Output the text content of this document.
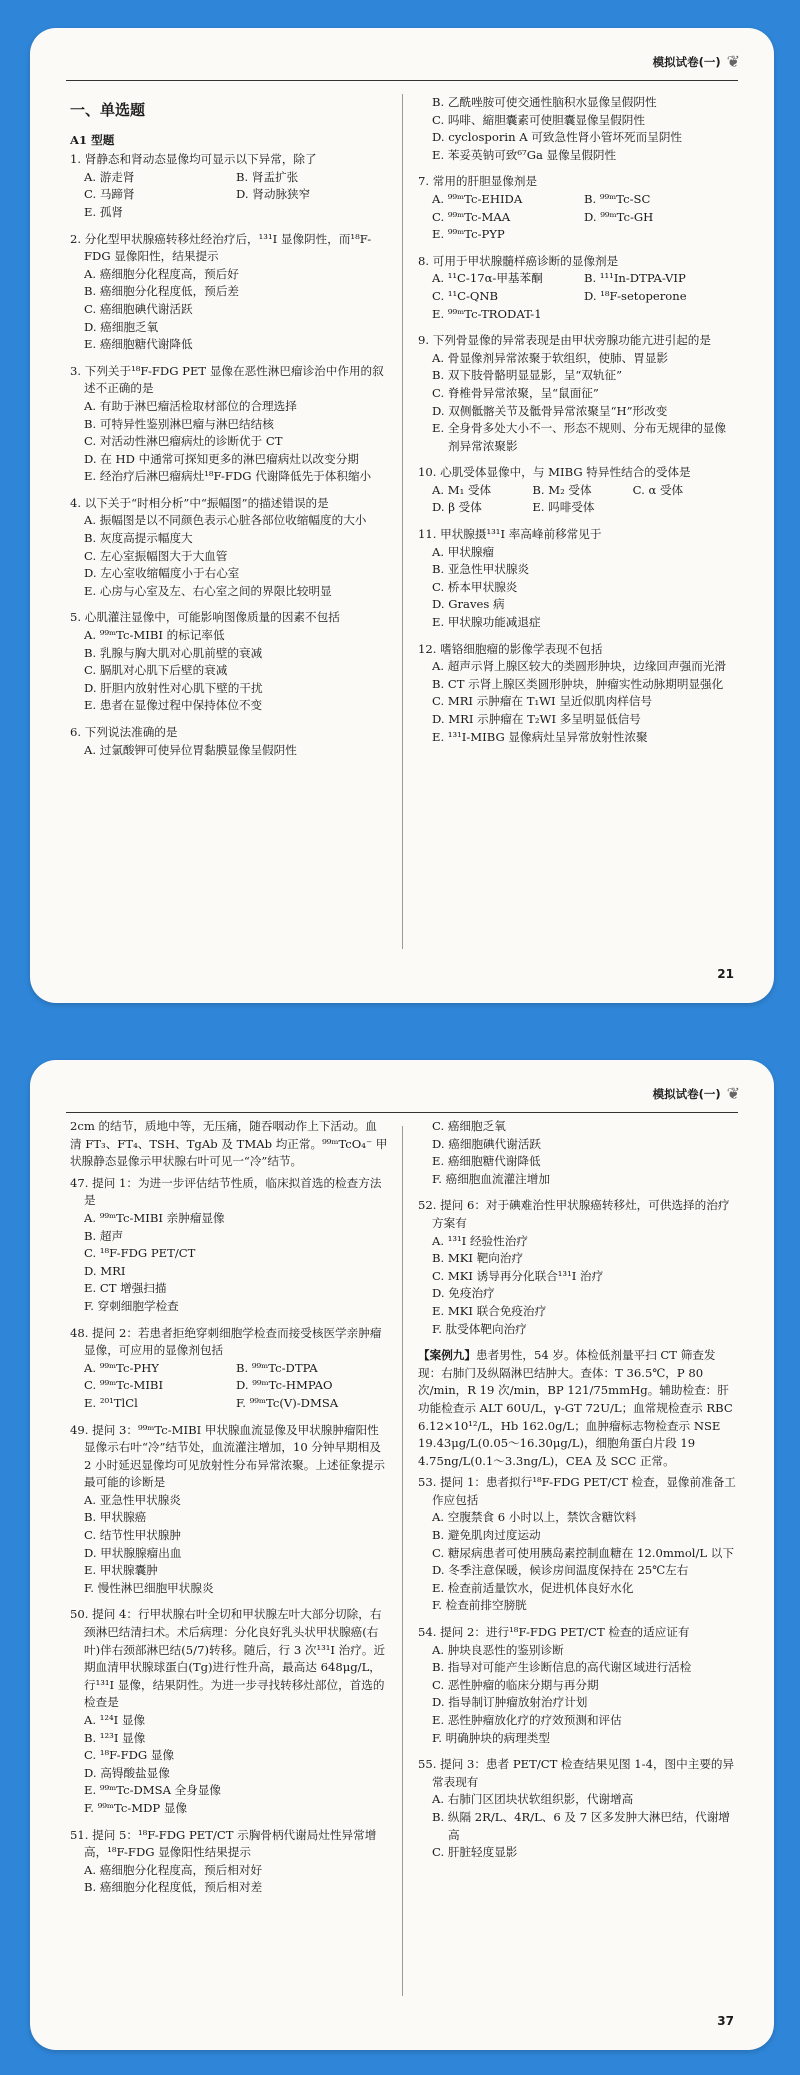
模拟试卷(一) ❦
一、单选题
A1 型题

1. 肾静态和肾动态显像均可显示以下异常，除了

A. 游走肾	B. 肾盂扩张
C. 马蹄肾	D. 肾动脉狭窄
E. 孤肾

2. 分化型甲状腺癌转移灶经治疗后，¹³¹I 显像阴性，而¹⁸F-FDG 显像阳性，结果提示

A. 癌细胞分化程度高，预后好

B. 癌细胞分化程度低，预后差

C. 癌细胞碘代谢活跃

D. 癌细胞乏氧

E. 癌细胞糖代谢降低

3. 下列关于¹⁸F-FDG PET 显像在恶性淋巴瘤诊治中作用的叙述不正确的是

A. 有助于淋巴瘤活检取材部位的合理选择

B. 可特异性鉴别淋巴瘤与淋巴结结核

C. 对活动性淋巴瘤病灶的诊断优于 CT

D. 在 HD 中通常可探知更多的淋巴瘤病灶以改变分期

E. 经治疗后淋巴瘤病灶¹⁸F-FDG 代谢降低先于体积缩小

4. 以下关于“时相分析”中“振幅图”的描述错误的是

A. 振幅图是以不同颜色表示心脏各部位收缩幅度的大小

B. 灰度高提示幅度大

C. 左心室振幅图大于大血管

D. 左心室收缩幅度小于右心室

E. 心房与心室及左、右心室之间的界限比较明显

5. 心肌灌注显像中，可能影响图像质量的因素不包括

A. ⁹⁹ᵐTc-MIBI 的标记率低

B. 乳腺与胸大肌对心肌前壁的衰减

C. 膈肌对心肌下后壁的衰减

D. 肝胆内放射性对心肌下壁的干扰

E. 患者在显像过程中保持体位不变

6. 下列说法准确的是

A. 过氯酸钾可使异位胃黏膜显像呈假阴性

B. 乙酰唑胺可使交通性脑积水显像呈假阴性

C. 吗啡、縮胆囊素可使胆囊显像呈假阴性

D. cyclosporin A 可致急性肾小管坏死而呈阴性

E. 苯妥英钠可致⁶⁷Ga 显像呈假阴性

7. 常用的肝胆显像剂是

A. ⁹⁹ᵐTc-EHIDA	B. ⁹⁹ᵐTc-SC
C. ⁹⁹ᵐTc-MAA	D. ⁹⁹ᵐTc-GH
E. ⁹⁹ᵐTc-PYP

8. 可用于甲状腺髓样癌诊断的显像剂是

A. ¹¹C-17α-甲基苯酮	B. ¹¹¹In-DTPA-VIP
C. ¹¹C-QNB	D. ¹⁸F-setoperone
E. ⁹⁹ᵐTc-TRODAT-1

9. 下列骨显像的异常表现是由甲状旁腺功能亢进引起的是

A. 骨显像剂异常浓聚于软组织，使肺、胃显影

B. 双下肢骨骼明显显影，呈“双轨征”

C. 脊椎骨异常浓聚，呈“鼠面征”

D. 双侧骶髂关节及骶骨异常浓聚呈“H”形改变

E. 全身骨多处大小不一、形态不规则、分布无规律的显像剂异常浓聚影

10. 心肌受体显像中，与 MIBG 特异性结合的受体是

A. M₁ 受体	B. M₂ 受体	C. α 受体
D. β 受体	E. 吗啡受体

11. 甲状腺摄¹³¹I 率高峰前移常见于

A. 甲状腺瘤

B. 亚急性甲状腺炎

C. 桥本甲状腺炎

D. Graves 病

E. 甲状腺功能减退症

12. 嗜铬细胞瘤的影像学表现不包括

A. 超声示肾上腺区较大的类圆形肿块，边缘回声强而光滑

B. CT 示肾上腺区类圆形肿块，肿瘤实性动脉期明显强化

C. MRI 示肿瘤在 T₁WI 呈近似肌肉样信号

D. MRI 示肿瘤在 T₂WI 多呈明显低信号

E. ¹³¹I-MIBG 显像病灶呈异常放射性浓聚

21
模拟试卷(一) ❦

2cm 的结节，质地中等，无压痛，随吞咽动作上下活动。血清 FT₃、FT₄、TSH、TgAb 及 TMAb 均正常。⁹⁹ᵐTcO₄⁻ 甲状腺静态显像示甲状腺右叶可见一“冷”结节。

47. 提问 1：为进一步评估结节性质，临床拟首选的检查方法是

A. ⁹⁹ᵐTc-MIBI 亲肿瘤显像

B. 超声

C. ¹⁸F-FDG PET/CT

D. MRI

E. CT 增强扫描

F. 穿刺细胞学检查

48. 提问 2：若患者拒绝穿刺细胞学检查而接受核医学亲肿瘤显像，可应用的显像剂包括

A. ⁹⁹ᵐTc-PHY	B. ⁹⁹ᵐTc-DTPA
C. ⁹⁹ᵐTc-MIBI	D. ⁹⁹ᵐTc-HMPAO
E. ²⁰¹TlCl	F. ⁹⁹ᵐTc(Ⅴ)-DMSA

49. 提问 3：⁹⁹ᵐTc-MIBI 甲状腺血流显像及甲状腺肿瘤阳性显像示右叶“冷”结节处，血流灌注增加，10 分钟早期相及 2 小时延迟显像均可见放射性分布异常浓聚。上述征象提示最可能的诊断是

A. 亚急性甲状腺炎

B. 甲状腺癌

C. 结节性甲状腺肿

D. 甲状腺腺瘤出血

E. 甲状腺囊肿

F. 慢性淋巴细胞甲状腺炎

50. 提问 4：行甲状腺右叶全切和甲状腺左叶大部分切除，右颈淋巴结清扫术。术后病理：分化良好乳头状甲状腺癌(右叶)伴右颈部淋巴结(5/7)转移。随后，行 3 次¹³¹I 治疗。近期血清甲状腺球蛋白(Tg)进行性升高，最高达 648μg/L，行¹³¹I 显像，结果阴性。为进一步寻找转移灶部位，首选的检查是

A. ¹²⁴I 显像

B. ¹²³I 显像

C. ¹⁸F-FDG 显像

D. 高锝酸盐显像

E. ⁹⁹ᵐTc-DMSA 全身显像

F. ⁹⁹ᵐTc-MDP 显像

51. 提问 5：¹⁸F-FDG PET/CT 示胸骨柄代谢局灶性异常增高，¹⁸F-FDG 显像阳性结果提示

A. 癌细胞分化程度高，预后相对好

B. 癌细胞分化程度低，预后相对差

C. 癌细胞乏氧

D. 癌细胞碘代谢活跃

E. 癌细胞糖代谢降低

F. 癌细胞血流灌注增加

52. 提问 6：对于碘难治性甲状腺癌转移灶，可供选择的治疗方案有

A. ¹³¹I 经验性治疗

B. MKI 靶向治疗

C. MKI 诱导再分化联合¹³¹I 治疗

D. 免疫治疗

E. MKI 联合免疫治疗

F. 肽受体靶向治疗

【案例九】患者男性，54 岁。体检低剂量平扫 CT 筛查发现：右肺门及纵隔淋巴结肿大。查体：T 36.5℃，P 80 次/min，R 19 次/min，BP 121/75mmHg。辅助检查：肝功能检查示 ALT 60U/L，γ-GT 72U/L；血常规检查示 RBC 6.12×10¹²/L，Hb 162.0g/L；血肿瘤标志物检查示 NSE 19.43μg/L(0.05～16.30μg/L)，细胞角蛋白片段 19 4.75ng/L(0.1～3.3ng/L)，CEA 及 SCC 正常。

53. 提问 1：患者拟行¹⁸F-FDG PET/CT 检查，显像前准备工作应包括

A. 空腹禁食 6 小时以上，禁饮含糖饮料

B. 避免肌肉过度运动

C. 糖尿病患者可使用胰岛素控制血糖在 12.0mmol/L 以下

D. 冬季注意保暖，候诊房间温度保持在 25℃左右

E. 检查前适量饮水，促进机体良好水化

F. 检查前排空膀胱

54. 提问 2：进行¹⁸F-FDG PET/CT 检查的适应证有

A. 肿块良恶性的鉴别诊断

B. 指导对可能产生诊断信息的高代谢区域进行活检

C. 恶性肿瘤的临床分期与再分期

D. 指导制订肿瘤放射治疗计划

E. 恶性肿瘤放化疗的疗效预测和评估

F. 明确肿块的病理类型

55. 提问 3：患者 PET/CT 检查结果见图 1-4，图中主要的异常表现有

A. 右肺门区团块状软组织影，代谢增高

B. 纵隔 2R/L、4R/L、6 及 7 区多发肿大淋巴结，代谢增高

C. 肝脏轻度显影

37
